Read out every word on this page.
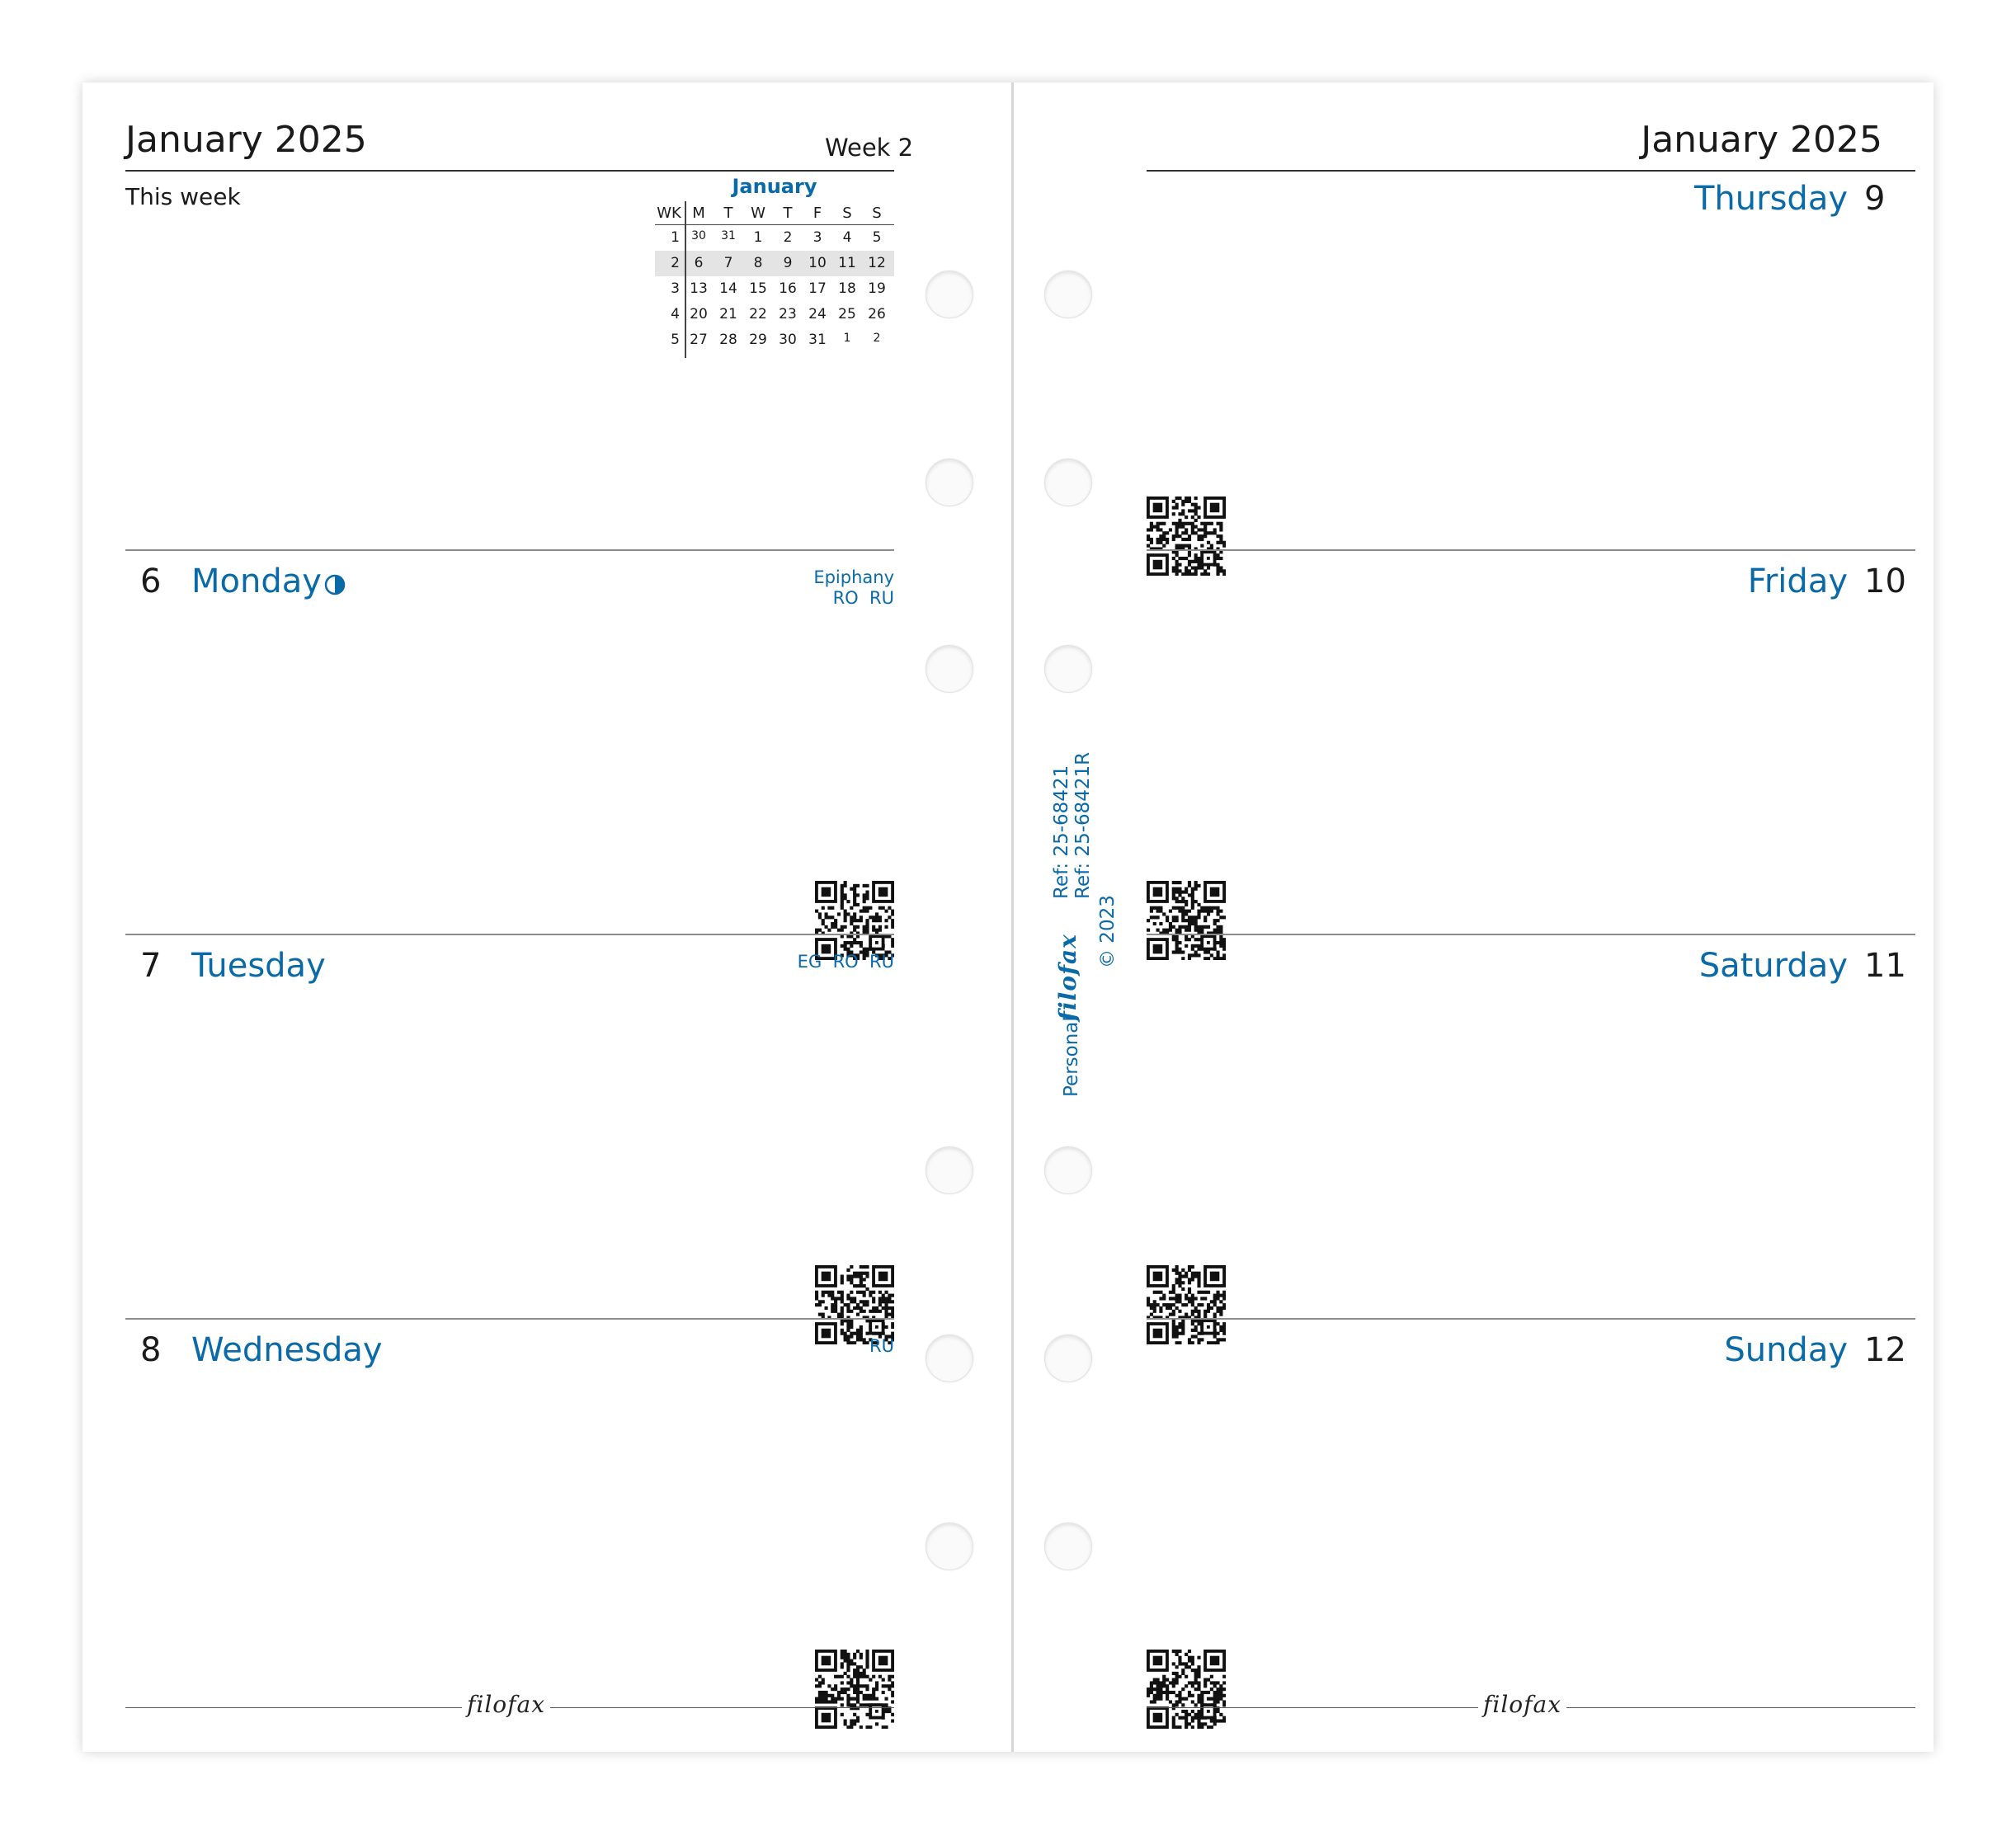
January 2025	Week 2
This week	January
WK M	T	W	T	F	S	S
1	30	31	1	2	3	4	5
2	6	7	8	9	10 11 12
3 13 14 15 16 17 18 19
4 20 21 22 23 24 25 26
5 27 28 29 30 31	1	2
6 Monday	Epiphany
RO  RU
7 Tuesday	EG  RO  RU
8 Wednesday	RU
filofax
January 2025
Thursday 9
Friday 10
Saturday 11
Sunday 12
filofax
Personal
filofax
© 2023
Ref: 25-68421 Ref: 25-68421R
